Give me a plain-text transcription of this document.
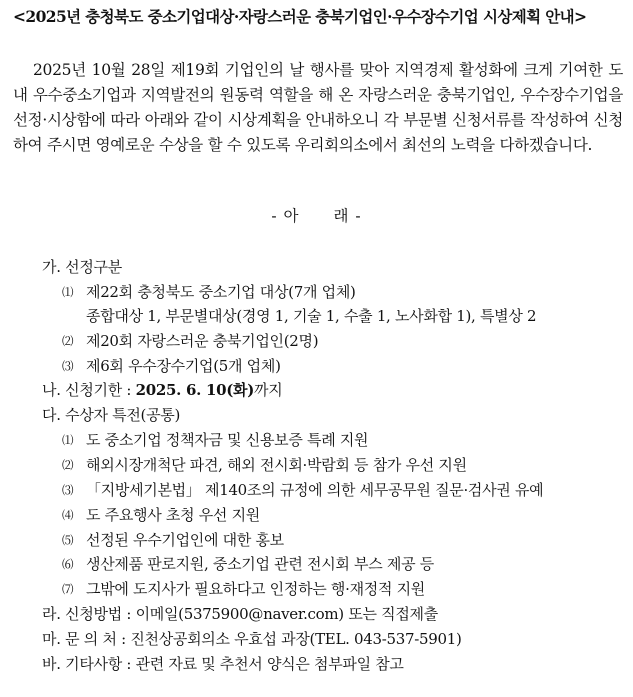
<2025년 충청북도 중소기업대상·자랑스러운 충북기업인·우수장수기업 시상제획 안내>
2025년 10월 28일 제19회 기업인의 날 행사를 맞아 지역경제 활성화에 크게 기여한 도내 우수중소기업과 지역발전의 원동력 역할을 해 온 자랑스러운 충북기업인, 우수장수기업을 선정·시상함에 따라 아래와 같이 시상계획을 안내하오니 각 부문별 신청서류를 작성하여 신청하여 주시면 영예로운 수상을 할 수 있도록 우리회의소에서 최선의 노력을 다하겠습니다.
- 아 래 -
가. 선정구분
⑴ 제22회 충청북도 중소기업 대상(7개 업체)
종합대상 1, 부문별대상(경영 1, 기술 1, 수출 1, 노사화합 1), 특별상 2
⑵ 제20회 자랑스러운 충북기업인(2명)
⑶ 제6회 우수장수기업(5개 업체)
나. 신청기한 : 2025. 6. 10(화)까지
다. 수상자 특전(공통)
⑴ 도 중소기업 정책자금 및 신용보증 특례 지원
⑵ 해외시장개척단 파견, 해외 전시회·박람회 등 참가 우선 지원
⑶ 「지방세기본법」 제140조의 규정에 의한 세무공무원 질문·검사권 유예
⑷ 도 주요행사 초청 우선 지원
⑸ 선정된 우수기업인에 대한 홍보
⑹ 생산제품 판로지원, 중소기업 관련 전시회 부스 제공 등
⑺ 그밖에 도지사가 필요하다고 인정하는 행·재정적 지원
라. 신청방법 : 이메일(5375900@naver.com) 또는 직접제출
마. 문 의 처 : 진천상공회의소 우효섭 과장(TEL. 043-537-5901)
바. 기타사항 : 관련 자료 및 추천서 양식은 첨부파일 참고
